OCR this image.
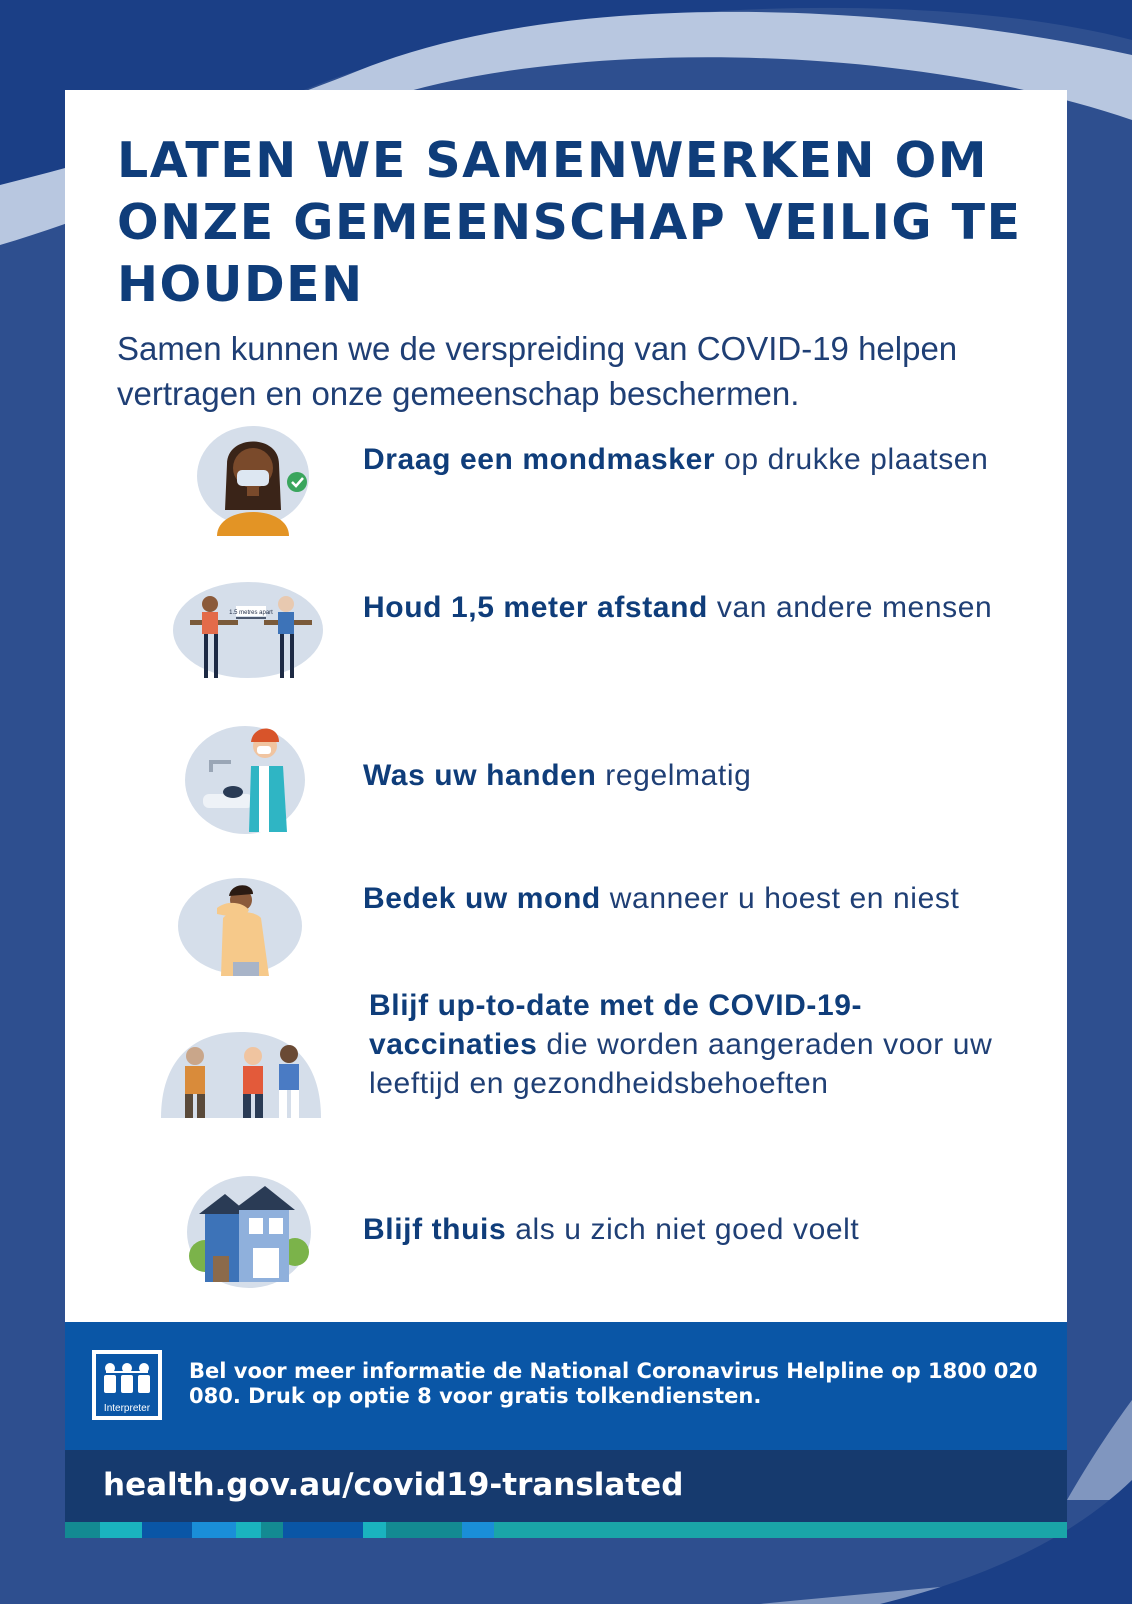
LATEN WE SAMENWERKEN OM ONZE GEMEENSCHAP VEILIG TE HOUDEN

Samen kunnen we de verspreiding van COVID-19 helpen vertragen en onze gemeenschap beschermen.

Draag een mondmasker op drukke plaatsen

1.5 metres apart	Houd 1,5 meter afstand van andere mensen

Was uw handen regelmatig

Bedek uw mond wanneer u hoest en niest

Blijf up-to-date met de COVID-19-vaccinaties die worden aangeraden voor uw leeftijd en gezondheidsbehoeften

Blijf thuis als u zich niet goed voelt

Interpreter

Bel voor meer informatie de National Coronavirus Helpline op 1800 020 080. Druk op optie 8 voor gratis tolkendiensten.

health.gov.au/covid19-translated
